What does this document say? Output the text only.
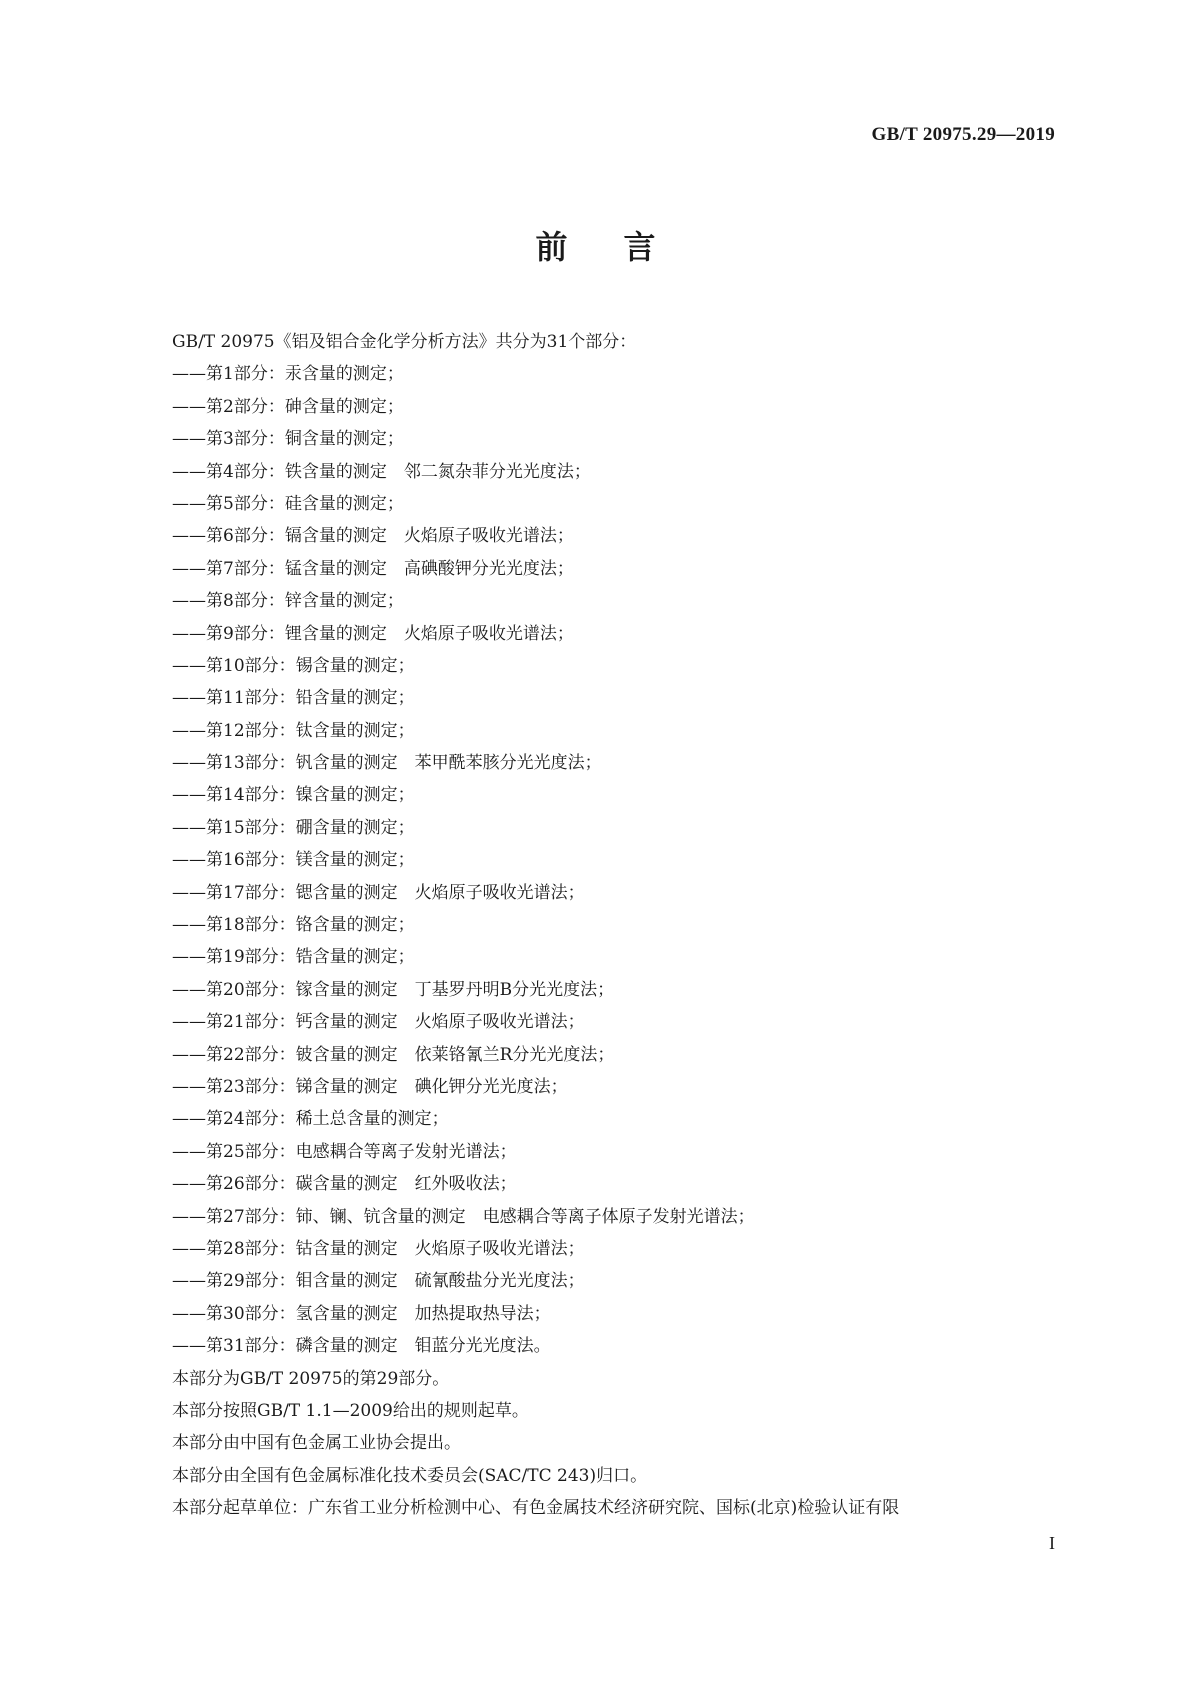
GB/T 20975.29—2019
前言
GB/T 20975《铝及铝合金化学分析方法》共分为31个部分：
——第1部分：汞含量的测定；
——第2部分：砷含量的测定；
——第3部分：铜含量的测定；
——第4部分：铁含量的测定　邻二氮杂菲分光光度法；
——第5部分：硅含量的测定；
——第6部分：镉含量的测定　火焰原子吸收光谱法；
——第7部分：锰含量的测定　高碘酸钾分光光度法；
——第8部分：锌含量的测定；
——第9部分：锂含量的测定　火焰原子吸收光谱法；
——第10部分：锡含量的测定；
——第11部分：铅含量的测定；
——第12部分：钛含量的测定；
——第13部分：钒含量的测定　苯甲酰苯胲分光光度法；
——第14部分：镍含量的测定；
——第15部分：硼含量的测定；
——第16部分：镁含量的测定；
——第17部分：锶含量的测定　火焰原子吸收光谱法；
——第18部分：铬含量的测定；
——第19部分：锆含量的测定；
——第20部分：镓含量的测定　丁基罗丹明B分光光度法；
——第21部分：钙含量的测定　火焰原子吸收光谱法；
——第22部分：铍含量的测定　依莱铬氰兰R分光光度法；
——第23部分：锑含量的测定　碘化钾分光光度法；
——第24部分：稀土总含量的测定；
——第25部分：电感耦合等离子发射光谱法；
——第26部分：碳含量的测定　红外吸收法；
——第27部分：铈、镧、钪含量的测定　电感耦合等离子体原子发射光谱法；
——第28部分：钴含量的测定　火焰原子吸收光谱法；
——第29部分：钼含量的测定　硫氰酸盐分光光度法；
——第30部分：氢含量的测定　加热提取热导法；
——第31部分：磷含量的测定　钼蓝分光光度法。
本部分为GB/T 20975的第29部分。
本部分按照GB/T 1.1—2009给出的规则起草。
本部分由中国有色金属工业协会提出。
本部分由全国有色金属标准化技术委员会(SAC/TC 243)归口。
本部分起草单位：广东省工业分析检测中心、有色金属技术经济研究院、国标(北京)检验认证有限
I
